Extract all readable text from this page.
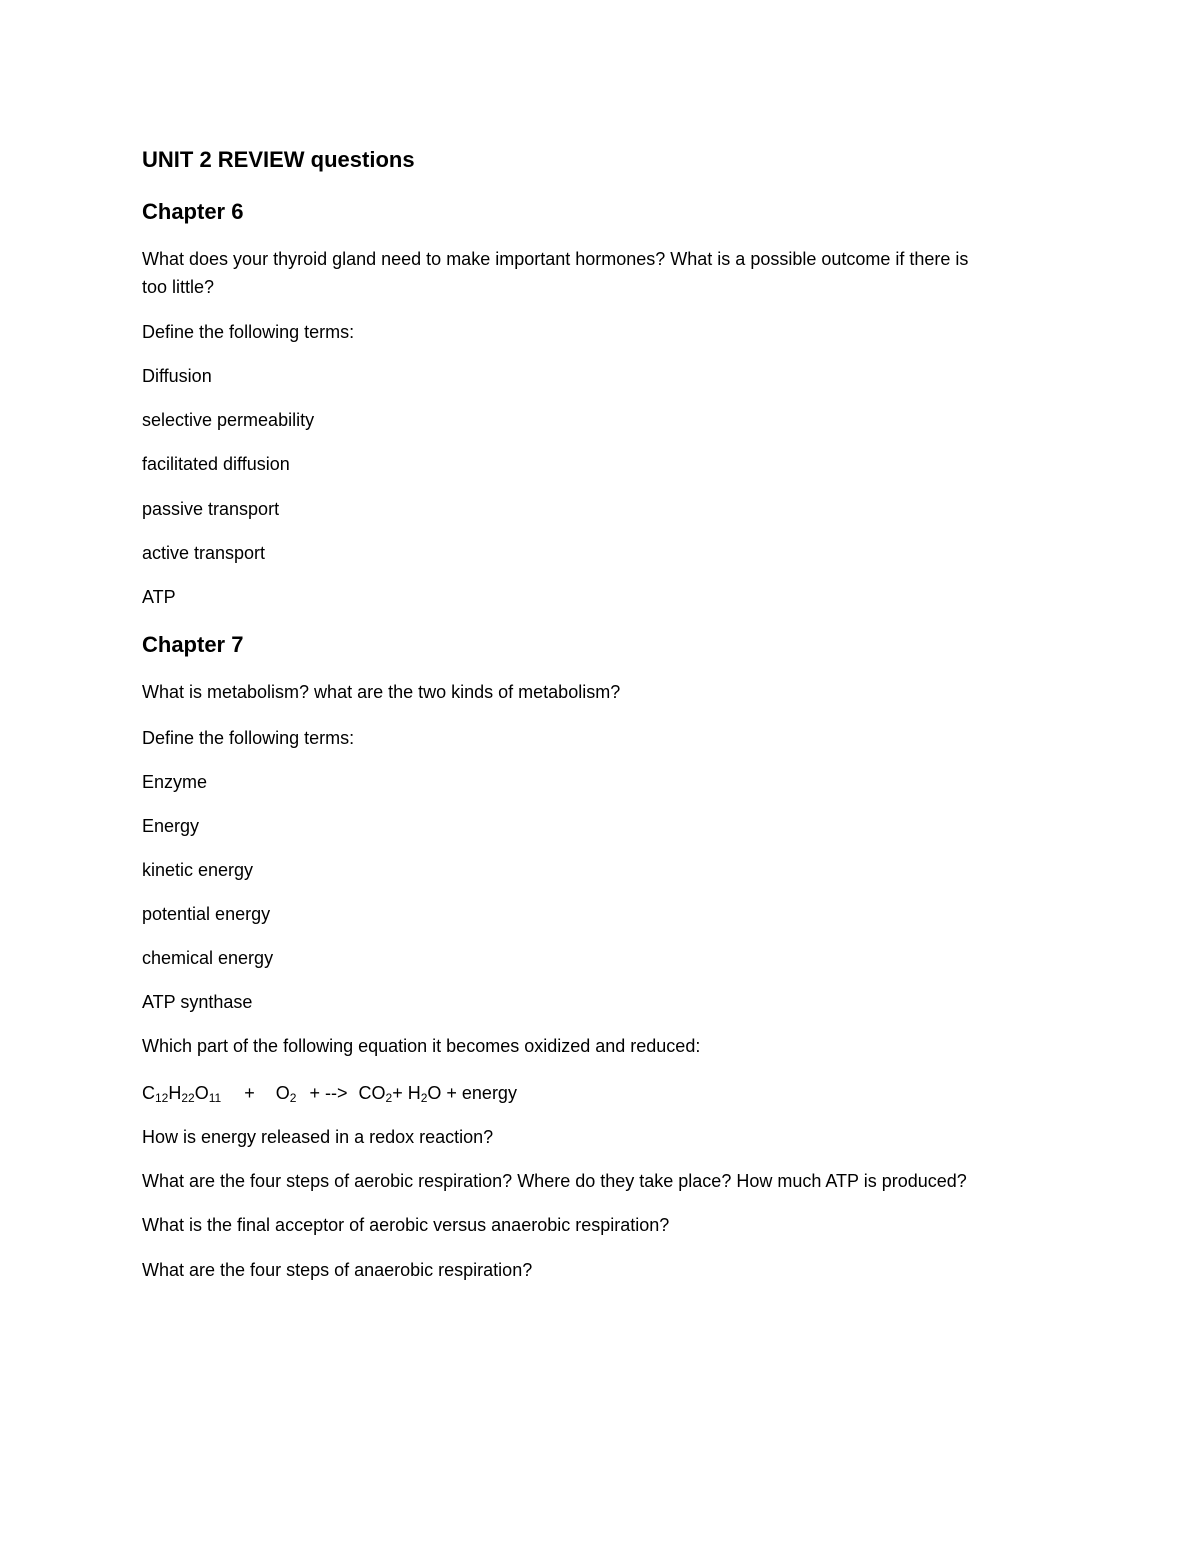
UNIT 2 REVIEW questions

Chapter 6

What does your thyroid gland need to make important hormones? What is a possible outcome if there is

too little?

Define the following terms:

Diffusion

selective permeability

facilitated diffusion

passive transport

active transport

ATP

Chapter 7

What is metabolism? what are the two kinds of metabolism?

Define the following terms:

Enzyme

Energy

kinetic energy

potential energy

chemical energy

ATP synthase

Which part of the following equation it becomes oxidized and reduced:

$C_{12}H_{22}O_{11} + O_2$ + --> $CO_2+ H_2O$ + energy

How is energy released in a redox reaction?

What are the four steps of aerobic respiration? Where do they take place? How much ATP is produced?

What is the final acceptor of aerobic versus anaerobic respiration?

What are the four steps of anaerobic respiration?
